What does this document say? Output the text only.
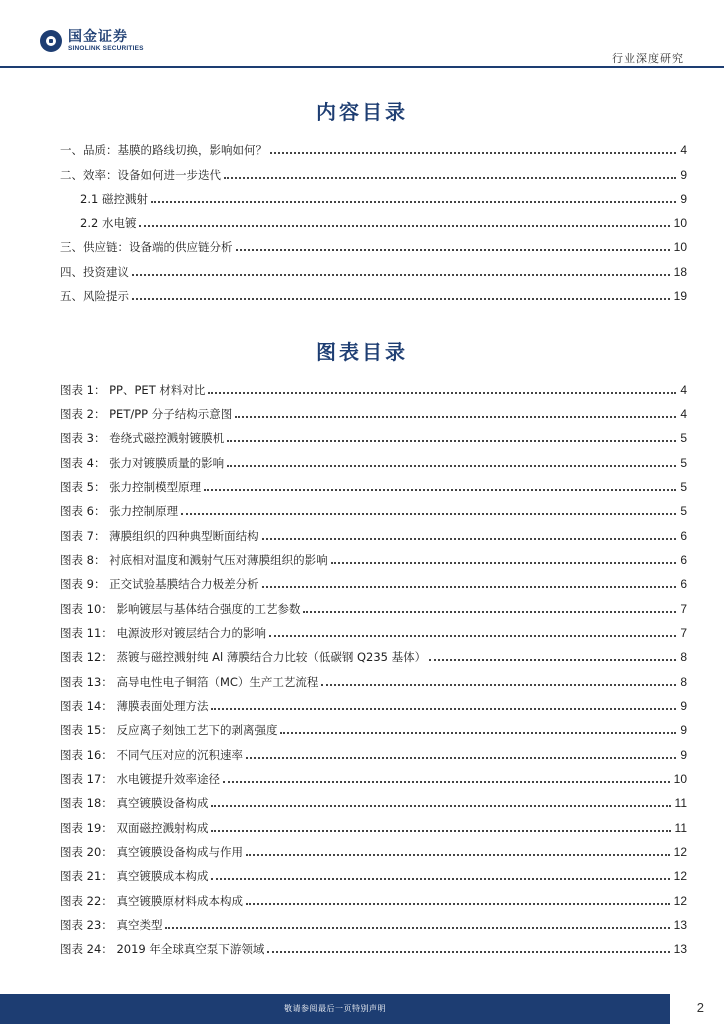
国金证券
SINOLINK SECURITIES
行业深度研究
内容目录
一、品质：基膜的路线切换，影响如何？	4
二、效率：设备如何进一步迭代	9
2.1 磁控溅射	9
2.2 水电镀	10
三、供应链：设备端的供应链分析	10
四、投资建议	18
五、风险提示	19
图表目录
图表 1： PP、PET 材料对比	4
图表 2： PET/PP 分子结构示意图	4
图表 3： 卷绕式磁控溅射镀膜机	5
图表 4： 张力对镀膜质量的影响	5
图表 5： 张力控制模型原理	5
图表 6： 张力控制原理	5
图表 7： 薄膜组织的四种典型断面结构	6
图表 8： 衬底相对温度和溅射气压对薄膜组织的影响	6
图表 9： 正交试验基膜结合力极差分析	6
图表 10： 影响镀层与基体结合强度的工艺参数	7
图表 11： 电源波形对镀层结合力的影响	7
图表 12： 蒸镀与磁控溅射纯 Al 薄膜结合力比较（低碳钢 Q235 基体）	8
图表 13： 高导电性电子铜箔（MC）生产工艺流程	8
图表 14： 薄膜表面处理方法	9
图表 15： 反应离子刻蚀工艺下的剥离强度	9
图表 16： 不同气压对应的沉积速率	9
图表 17： 水电镀提升效率途径	10
图表 18： 真空镀膜设备构成	11
图表 19： 双面磁控溅射构成	11
图表 20： 真空镀膜设备构成与作用	12
图表 21： 真空镀膜成本构成	12
图表 22： 真空镀膜原材料成本构成	12
图表 23： 真空类型	13
图表 24： 2019 年全球真空泵下游领域	13
敬请参阅最后一页特别声明	2
